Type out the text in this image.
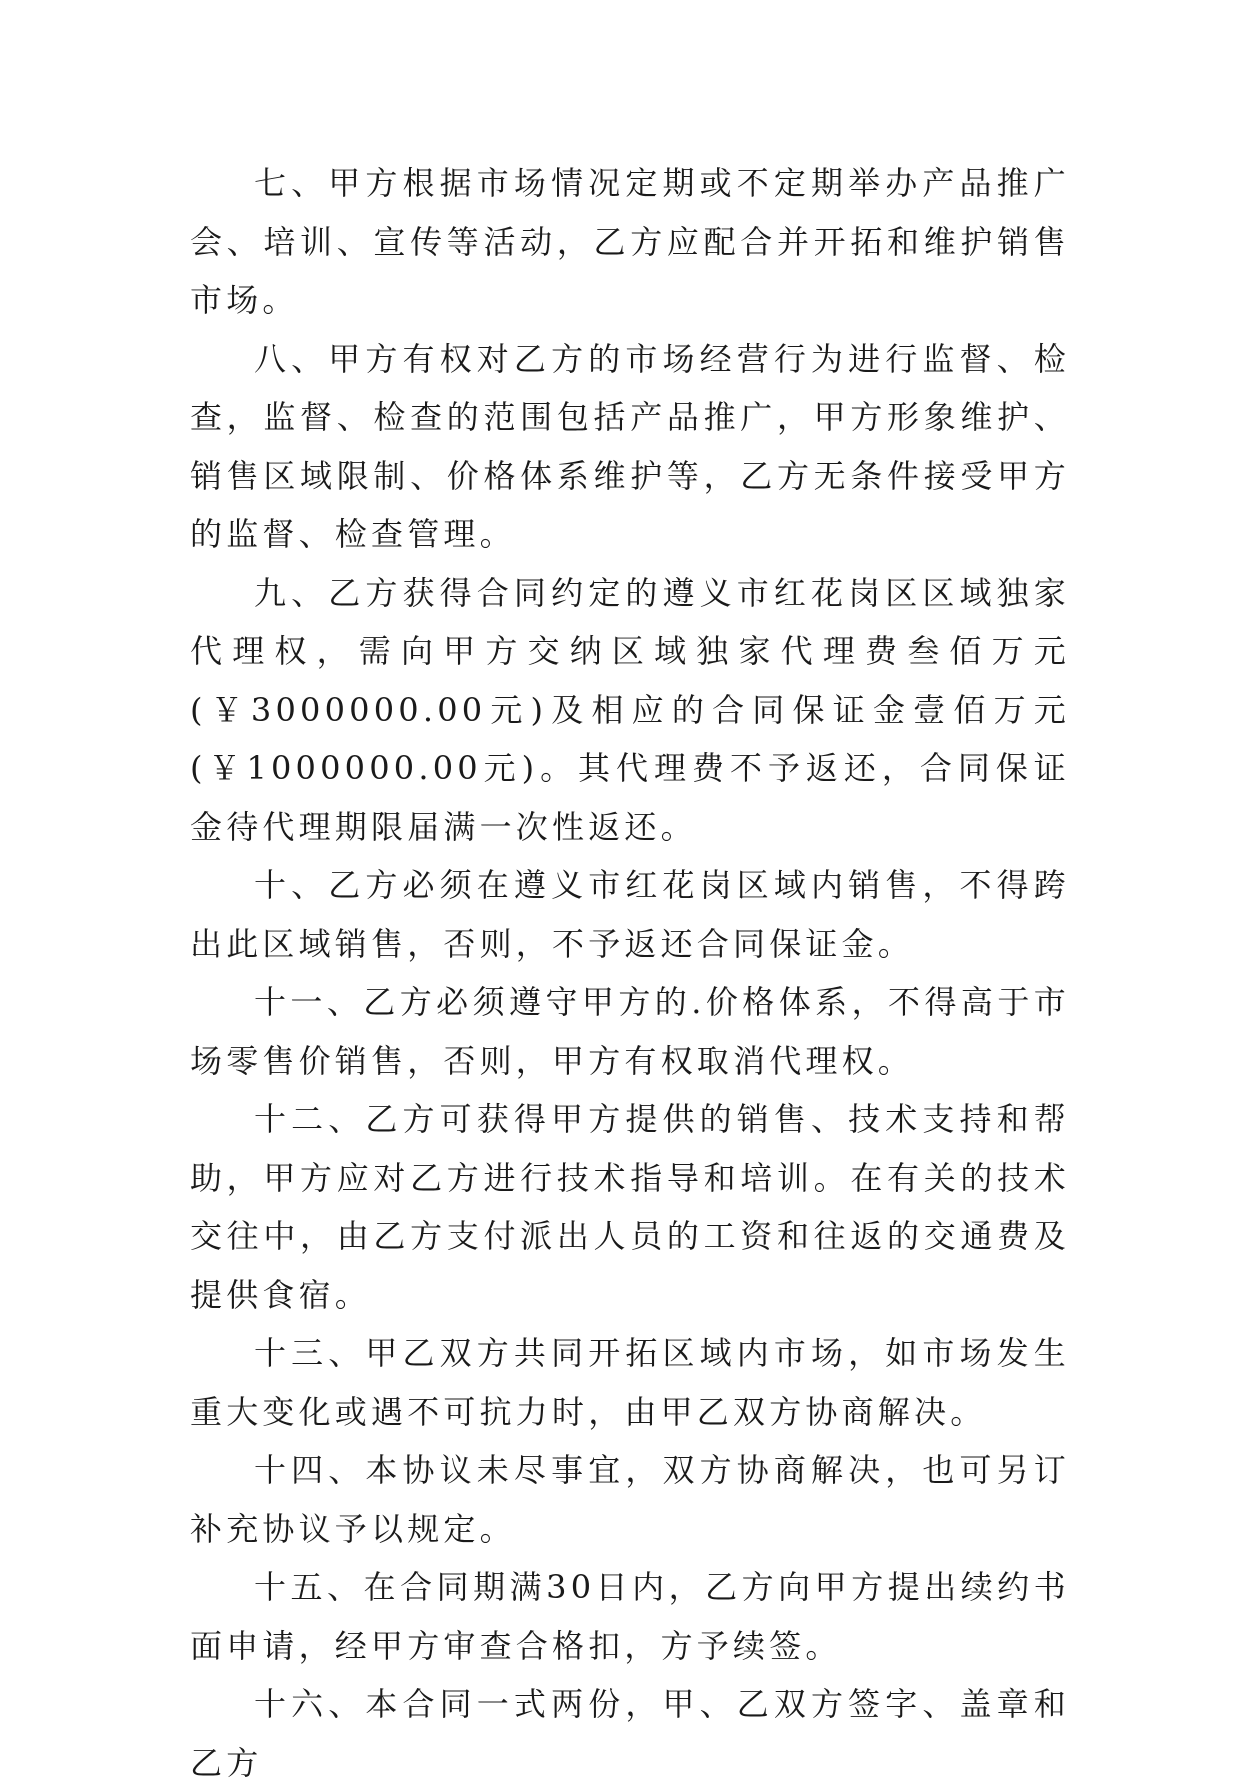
七、甲方根据市场情况定期或不定期举办产品推广会、培训、宣传等活动，乙方应配合并开拓和维护销售市场。

八、甲方有权对乙方的市场经营行为进行监督、检查，监督、检查的范围包括产品推广，甲方形象维护、销售区域限制、价格体系维护等，乙方无条件接受甲方的监督、检查管理。

九、乙方获得合同约定的遵义市红花岗区区域独家代理权，需向甲方交纳区域独家代理费叁佰万元(￥3000000.00元)及相应的合同保证金壹佰万元(￥1000000.00元)。其代理费不予返还，合同保证金待代理期限届满一次性返还。

十、乙方必须在遵义市红花岗区域内销售，不得跨出此区域销售，否则，不予返还合同保证金。

十一、乙方必须遵守甲方的.价格体系，不得高于市场零售价销售，否则，甲方有权取消代理权。

十二、乙方可获得甲方提供的销售、技术支持和帮助，甲方应对乙方进行技术指导和培训。在有关的技术交往中，由乙方支付派出人员的工资和往返的交通费及提供食宿。

十三、甲乙双方共同开拓区域内市场，如市场发生重大变化或遇不可抗力时，由甲乙双方协商解决。

十四、本协议未尽事宜，双方协商解决，也可另订补充协议予以规定。

十五、在合同期满30日内，乙方向甲方提出续约书面申请，经甲方审查合格扣，方予续签。

十六、本合同一式两份，甲、乙双方签字、盖章和乙方
